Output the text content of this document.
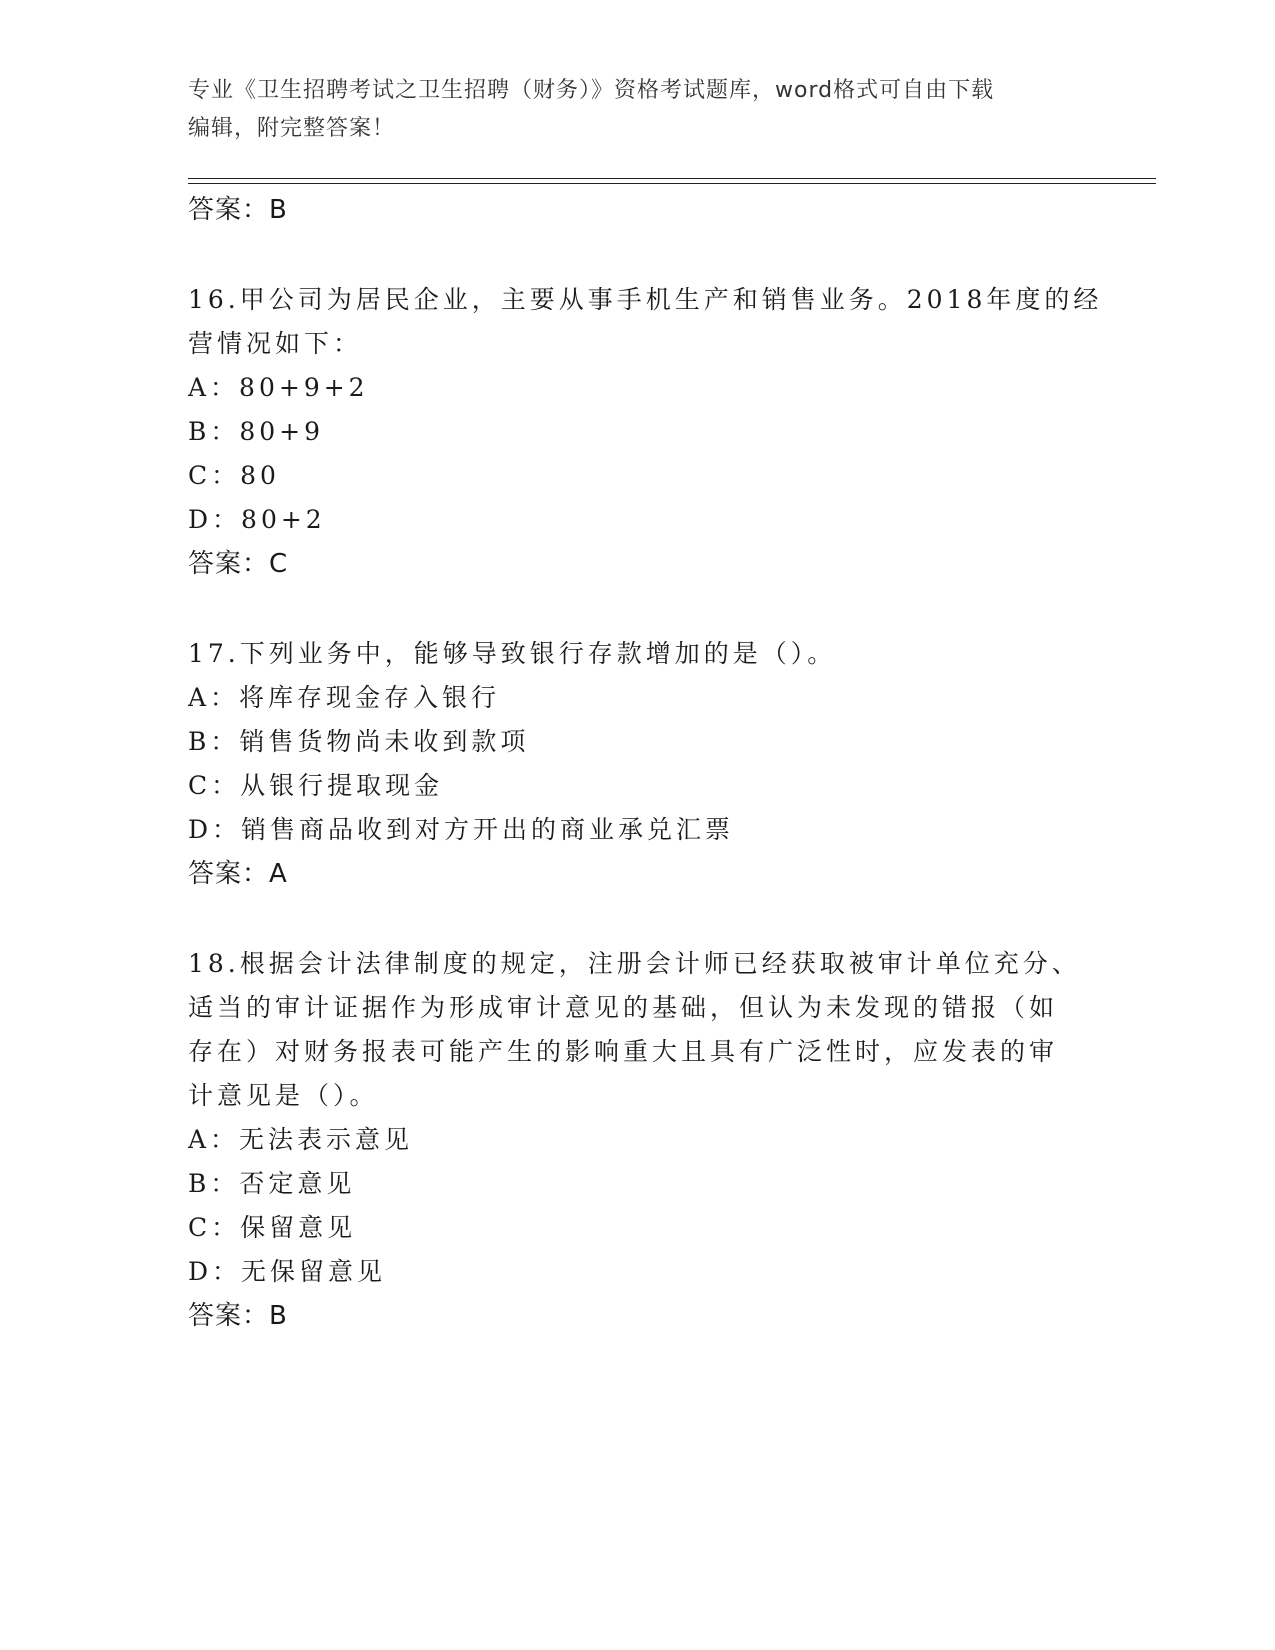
专业《卫生招聘考试之卫生招聘（财务）》资格考试题库，word格式可自由下载
编辑，附完整答案！
答案：B
16.甲公司为居民企业，主要从事手机生产和销售业务。2018年度的经
营情况如下：
A：80+9+2
B：80+9
C：80
D：80+2
答案：C
17.下列业务中，能够导致银行存款增加的是（）。
A：将库存现金存入银行
B：销售货物尚未收到款项
C：从银行提取现金
D：销售商品收到对方开出的商业承兑汇票
答案：A
18.根据会计法律制度的规定，注册会计师已经获取被审计单位充分、
适当的审计证据作为形成审计意见的基础，但认为未发现的错报（如
存在）对财务报表可能产生的影响重大且具有广泛性时，应发表的审
计意见是（）。
A：无法表示意见
B：否定意见
C：保留意见
D：无保留意见
答案：B
